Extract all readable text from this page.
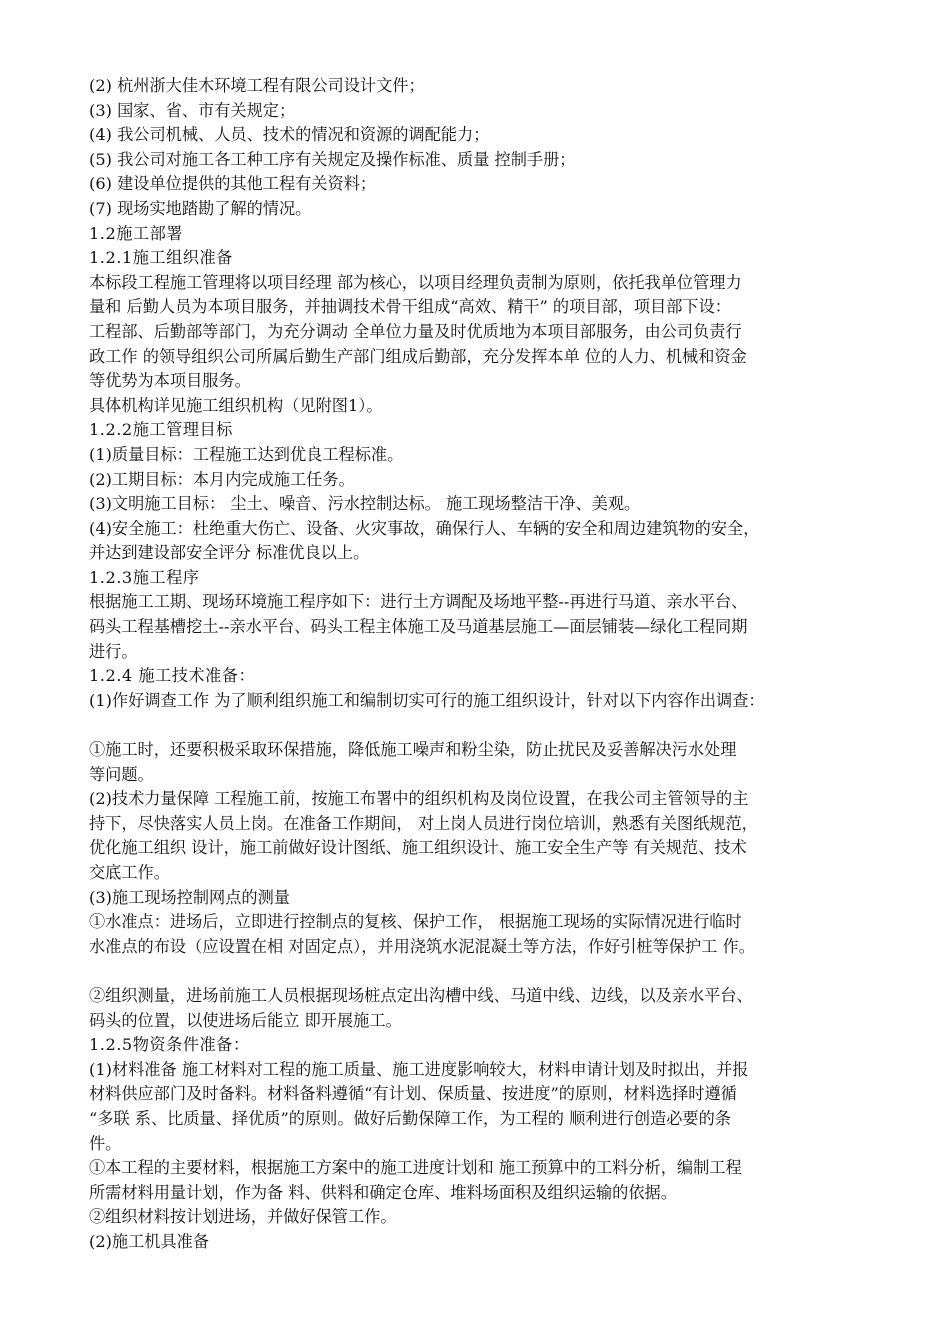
(2) 杭州浙大佳木环境工程有限公司设计文件；
(3) 国家、省、市有关规定；
(4) 我公司机械、人员、技术的情况和资源的调配能力；
(5) 我公司对施工各工种工序有关规定及操作标准、质量 控制手册；
(6) 建设单位提供的其他工程有关资料；
(7) 现场实地踏勘了解的情况。
1.2施工部署
1.2.1施工组织准备
本标段工程施工管理将以项目经理 部为核心，以项目经理负责制为原则，依托我单位管理力
量和 后勤人员为本项目服务，并抽调技术骨干组成“高效、精干” 的项目部，项目部下设：
工程部、后勤部等部门，为充分调动 全单位力量及时优质地为本项目部服务，由公司负责行
政工作 的领导组织公司所属后勤生产部门组成后勤部，充分发挥本单 位的人力、机械和资金
等优势为本项目服务。
具体机构详见施工组织机构（见附图1）。
1.2.2施工管理目标
(1)质量目标：工程施工达到优良工程标准。
(2)工期目标：本月内完成施工任务。
(3)文明施工目标： 尘土、噪音、污水控制达标。 施工现场整洁干净、美观。
(4)安全施工：杜绝重大伤亡、设备、火灾事故，确保行人、车辆的安全和周边建筑物的安全，
并达到建设部安全评分 标准优良以上。
1.2.3施工程序
根据施工工期、现场环境施工程序如下：进行土方调配及场地平整--再进行马道、亲水平台、
码头工程基槽挖土--亲水平台、码头工程主体施工及马道基层施工—面层铺装—绿化工程同期
进行。
1.2.4 施工技术准备：
(1)作好调查工作 为了顺利组织施工和编制切实可行的施工组织设计，针对以下内容作出调查：
①施工时，还要积极采取环保措施，降低施工噪声和粉尘染，防止扰民及妥善解决污水处理
等问题。
(2)技术力量保障 工程施工前，按施工布署中的组织机构及岗位设置，在我公司主管领导的主
持下，尽快落实人员上岗。在准备工作期间， 对上岗人员进行岗位培训，熟悉有关图纸规范，
优化施工组织 设计，施工前做好设计图纸、施工组织设计、施工安全生产等 有关规范、技术
交底工作。
(3)施工现场控制网点的测量
①水准点：进场后，立即进行控制点的复核、保护工作， 根据施工现场的实际情况进行临时
水准点的布设（应设置在相 对固定点），并用浇筑水泥混凝土等方法，作好引桩等保护工 作。
②组织测量，进场前施工人员根据现场桩点定出沟槽中线、马道中线、边线，以及亲水平台、
码头的位置，以使进场后能立 即开展施工。
1.2.5物资条件准备：
(1)材料准备 施工材料对工程的施工质量、施工进度影响较大，材料申请计划及时拟出，并报
材料供应部门及时备料。材料备料遵循“有计划、保质量、按进度”的原则，材料选择时遵循
“多联 系、比质量、择优质”的原则。做好后勤保障工作，为工程的 顺利进行创造必要的条
件。
①本工程的主要材料，根据施工方案中的施工进度计划和 施工预算中的工料分析，编制工程
所需材料用量计划，作为备 料、供料和确定仓库、堆料场面积及组织运输的依据。
②组织材料按计划进场，并做好保管工作。
(2)施工机具准备
